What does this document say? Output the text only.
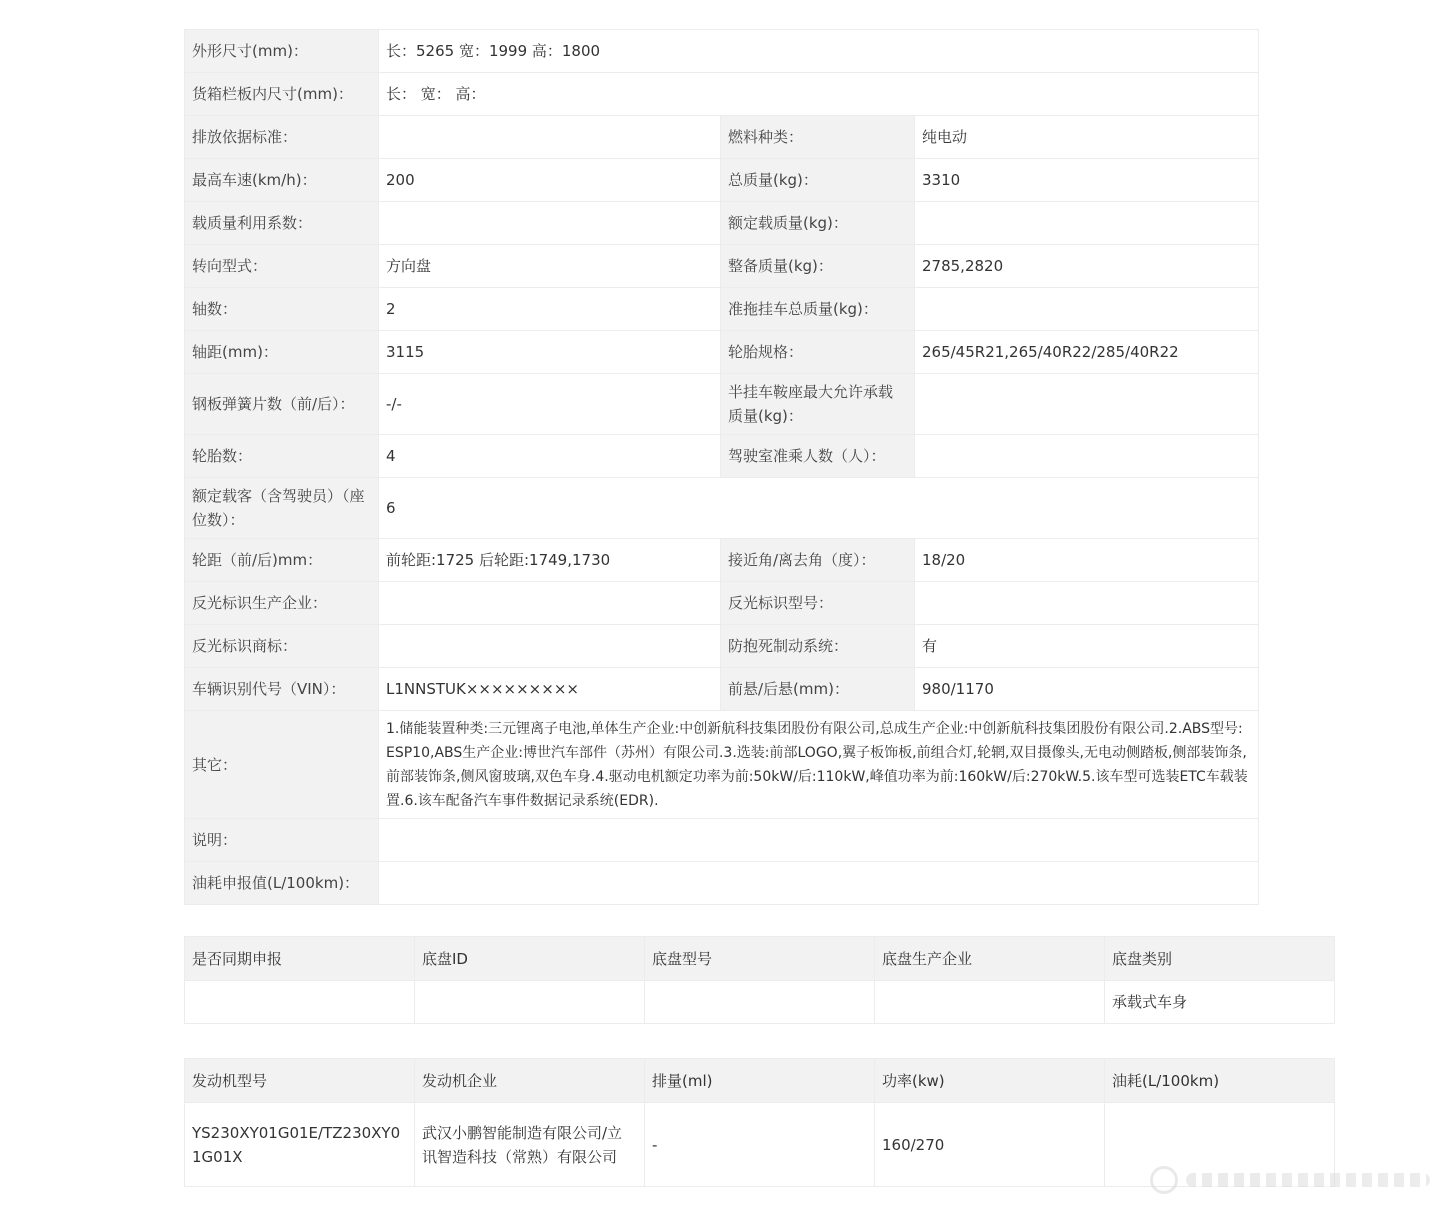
外形尺寸(mm)：	长：5265 宽：1999 高：1800		
货箱栏板内尺寸(mm)：	长： 宽： 高：		
排放依据标准：		燃料种类：	纯电动
最高车速(km/h)：	200	总质量(kg)：	3310
载质量利用系数：		额定载质量(kg)：	
转向型式：	方向盘	整备质量(kg)：	2785,2820
轴数：	2	准拖挂车总质量(kg)：	
轴距(mm)：	3115	轮胎规格：	265/45R21,265/40R22/285/40R22
钢板弹簧片数（前/后）：	-/-	半挂车鞍座最大允许承载质量(kg)：	
轮胎数：	4	驾驶室准乘人数（人）：	
额定载客（含驾驶员）（座位数）：	6		
轮距（前/后)mm：	前轮距:1725 后轮距:1749,1730	接近角/离去角（度）：	18/20
反光标识生产企业：		反光标识型号：	
反光标识商标：		防抱死制动系统：	有
车辆识别代号（VIN）：	L1NNSTUK×××××××××	前悬/后悬(mm)：	980/1170
其它：	1.储能装置种类:三元锂离子电池,单体生产企业:中创新航科技集团股份有限公司,总成生产企业:中创新航科技集团股份有限公司.2.ABS型号:ESP10,ABS生产企业:博世汽车部件（苏州）有限公司.3.选装:前部LOGO,翼子板饰板,前组合灯,轮辋,双目摄像头,无电动侧踏板,侧部装饰条,前部装饰条,侧风窗玻璃,双色车身.4.驱动电机额定功率为前:50kW/后:110kW,峰值功率为前:160kW/后:270kW.5.该车型可选装ETC车载装置.6.该车配备汽车事件数据记录系统(EDR).		
说明：			
油耗申报值(L/100km)：			
是否同期申报	底盘ID	底盘型号	底盘生产企业	底盘类别
				承载式车身
发动机型号	发动机企业	排量(ml)	功率(kw)	油耗(L/100km)
YS230XY01G01E/TZ230XY01G01X	武汉小鹏智能制造有限公司/立讯智造科技（常熟）有限公司	-	160/270	
